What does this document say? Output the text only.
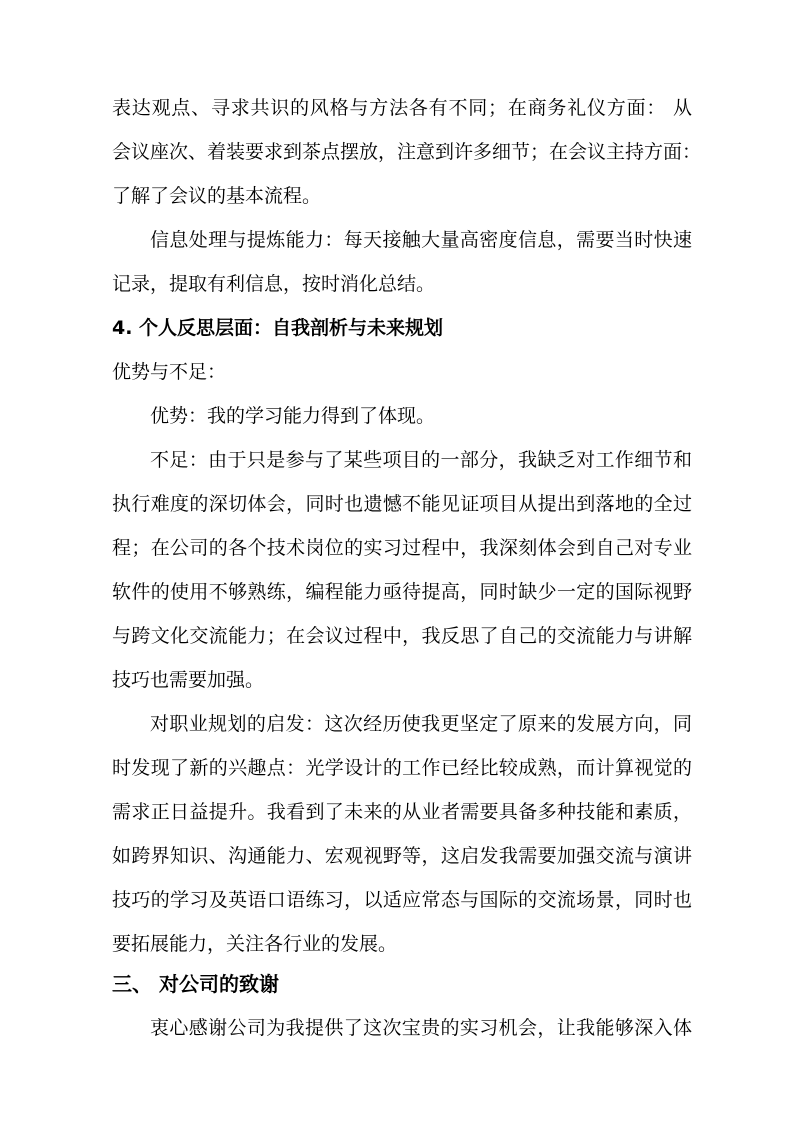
表达观点、寻求共识的风格与方法各有不同；在商务礼仪方面： 从
会议座次、着装要求到茶点摆放，注意到许多细节；在会议主持方面：
了解了会议的基本流程。
信息处理与提炼能力：每天接触大量高密度信息，需要当时快速
记录，提取有利信息，按时消化总结。
4. 个人反思层面：自我剖析与未来规划
优势与不足：
优势：我的学习能力得到了体现。
不足：由于只是参与了某些项目的一部分，我缺乏对工作细节和
执行难度的深切体会，同时也遗憾不能见证项目从提出到落地的全过
程；在公司的各个技术岗位的实习过程中，我深刻体会到自己对专业
软件的使用不够熟练，编程能力亟待提高，同时缺少一定的国际视野
与跨文化交流能力；在会议过程中，我反思了自己的交流能力与讲解
技巧也需要加强。
对职业规划的启发：这次经历使我更坚定了原来的发展方向，同
时发现了新的兴趣点：光学设计的工作已经比较成熟，而计算视觉的
需求正日益提升。我看到了未来的从业者需要具备多种技能和素质，
如跨界知识、沟通能力、宏观视野等，这启发我需要加强交流与演讲
技巧的学习及英语口语练习，以适应常态与国际的交流场景，同时也
要拓展能力，关注各行业的发展。
三、 对公司的致谢
衷心感谢公司为我提供了这次宝贵的实习机会，让我能够深入体
